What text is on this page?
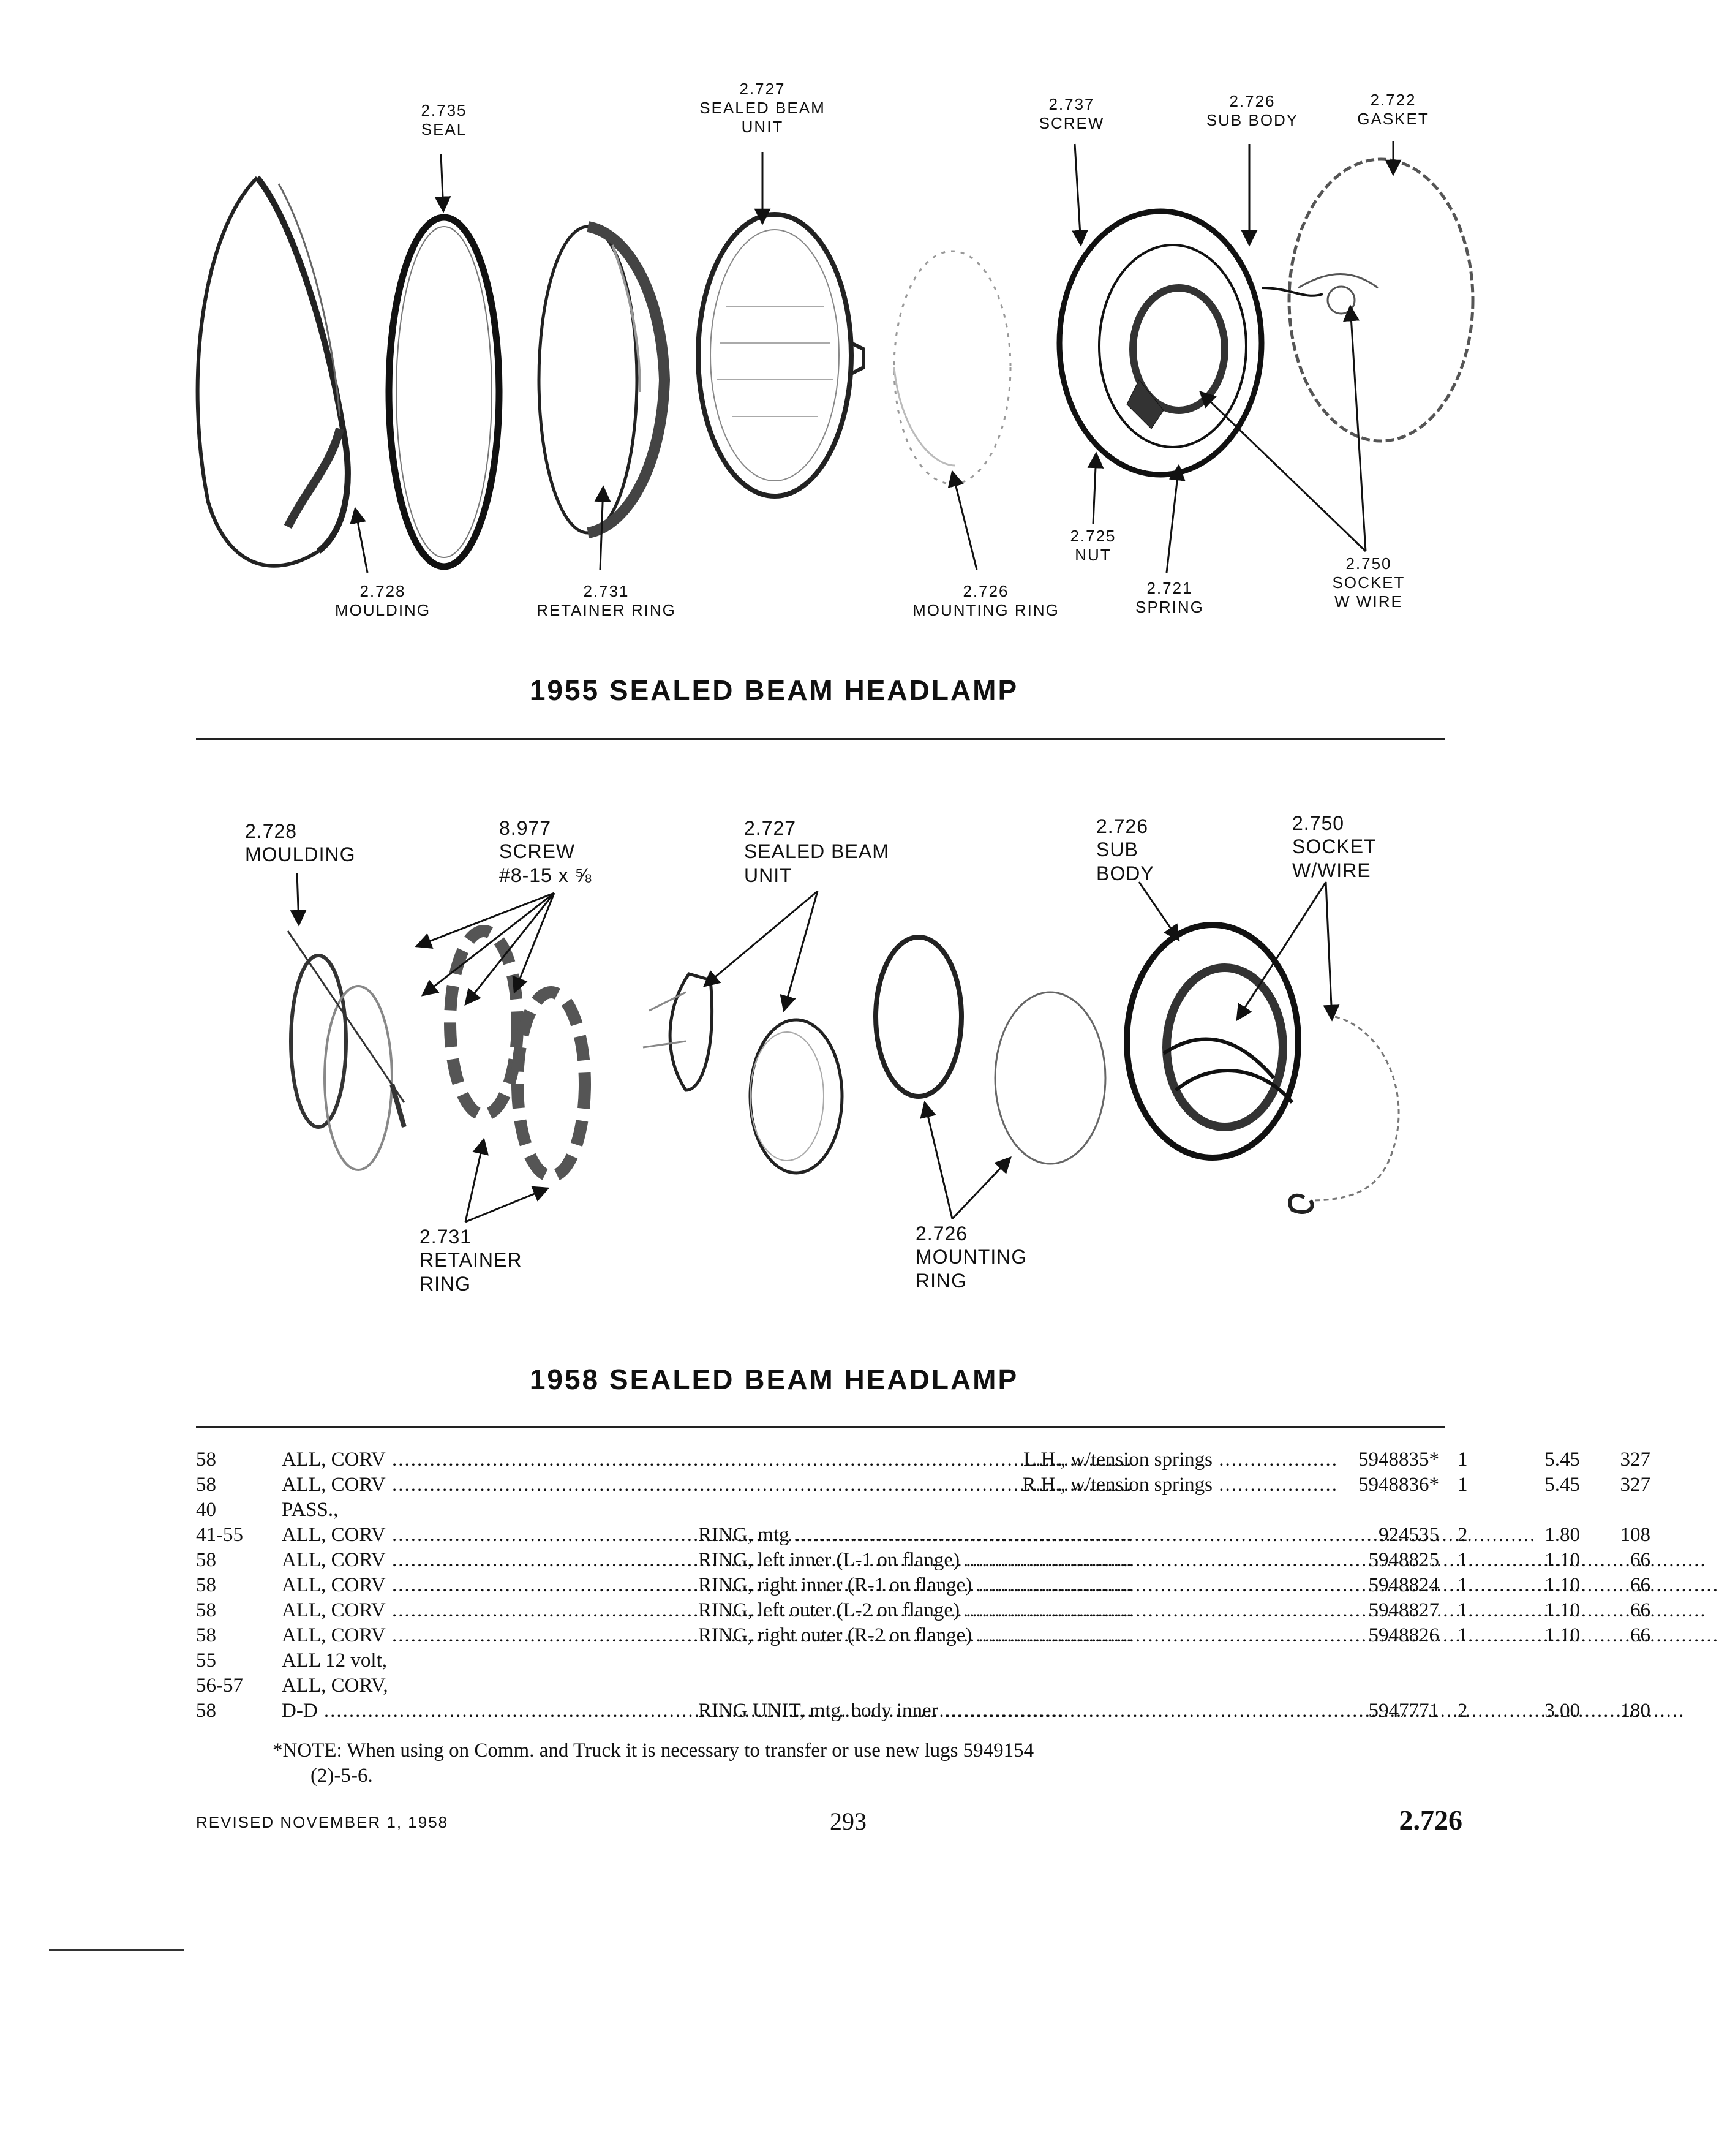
2.735
SEAL
2.727
SEALED BEAM
UNIT
2.737
SCREW
2.726
SUB BODY
2.722
GASKET
2.725
NUT	2.750
SOCKET
W WIRE
2.728
MOULDING
2.731
RETAINER RING
2.726
MOUNTING RING
2.721
SPRING
1955 SEALED BEAM HEADLAMP
2.728
MOULDING
8.977
SCREW
#8-15 x ⅝
2.727
SEALED BEAM
UNIT
2.726
SUB
BODY
2.750
SOCKET
W/WIRE
2.731
RETAINER
RING
2.726
MOUNTING
RING
1958 SEALED BEAM HEADLAMP
58	ALL, CORV .....	L.H., w/tension springs ...................	5948835* 1	5.45	327
58	ALL, CORV .....	R.H., w/tension springs ...................	5948836* 1	5.45	327
40	PASS.,
41-55 ALL, CORV .....	RING, mtg .....	924535 2	1.80	108
58	ALL, CORV .....	RING, left inner (L-1 on flange) .....	5948825 1	1.10	66
58	ALL, CORV .....	RING, right inner (R-1 on flange) .....	5948824 1	1.10	66
58	ALL, CORV .....	RING, left outer (L-2 on flange) .....	5948827 1	1.10	66
58	ALL, CORV .....	RING, right outer (R-2 on flange) .....	5948826 1	1.10	66
55	ALL 12 volt,
56-57 ALL, CORV,
58	D-D .....	RING UNIT, mtg. body inner .....	5947771 2	3.00	180
*NOTE: When using on Comm. and Truck it is necessary to transfer or use new lugs 5949154
(2)-5-6.
REVISED NOVEMBER 1, 1958	293	2.726
